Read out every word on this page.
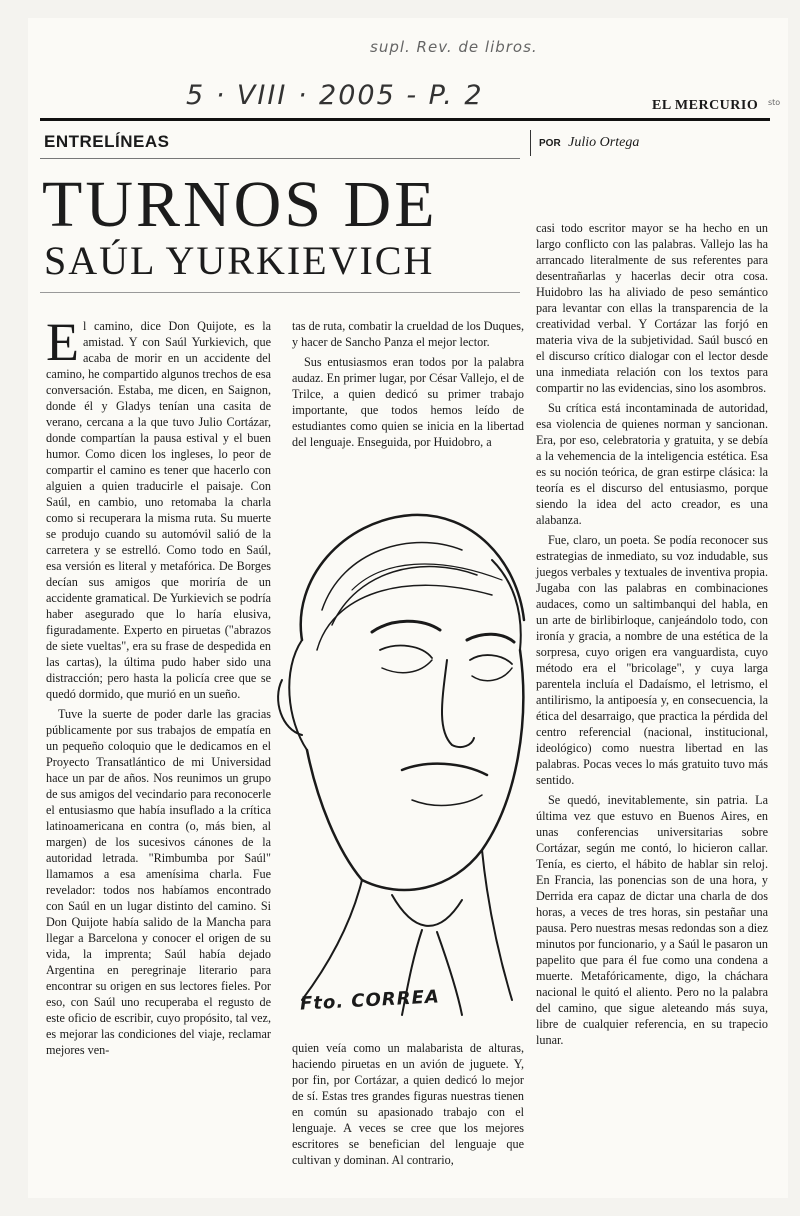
supl. Rev. de libros.
5 · VIII · 2005 - P. 2	EL MERCURIO sto
ENTRELÍNEAS	POR Julio Ortega
TURNOS DE
SAÚL YURKIEVICH

El camino, dice Don Quijote, es la amistad. Y con Saúl Yurkievich, que acaba de morir en un accidente del camino, he compartido algunos trechos de esa conversación. Estaba, me dicen, en Saignon, donde él y Gladys tenían una casita de verano, cercana a la que tuvo Julio Cortázar, donde compartían la pausa estival y el buen humor. Como dicen los ingleses, lo peor de compartir el camino es tener que hacerlo con alguien a quien traducirle el paisaje. Con Saúl, en cambio, uno retomaba la charla como si recuperara la misma ruta. Su muerte se produjo cuando su automóvil salió de la carretera y se estrelló. Como todo en Saúl, esa versión es literal y metafórica. De Borges decían sus amigos que moriría de un accidente gramatical. De Yurkievich se podría haber asegurado que lo haría elusiva, figuradamente. Experto en piruetas ("abrazos de siete vueltas", era su frase de despedida en las cartas), la última pudo haber sido una distracción; pero hasta la policía cree que se quedó dormido, que murió en un sueño.

Tuve la suerte de poder darle las gracias públicamente por sus trabajos de empatía en un pequeño coloquio que le dedicamos en el Proyecto Transatlántico de mi Universidad hace un par de años. Nos reunimos un grupo de sus amigos del vecindario para reconocerle el entusiasmo que había insuflado a la crítica latinoamericana en contra (o, más bien, al margen) de los sucesivos cánones de la autoridad letrada. "Rimbumba por Saúl" llamamos a esa amenísima charla. Fue revelador: todos nos habíamos encontrado con Saúl en un lugar distinto del camino. Si Don Quijote había salido de la Mancha para llegar a Barcelona y conocer el origen de su vida, la imprenta; Saúl había dejado Argentina en peregrinaje literario para encontrar su origen en sus lectores fieles. Por eso, con Saúl uno recuperaba el regusto de este oficio de escribir, cuyo propósito, tal vez, es mejorar las condiciones del viaje, reclamar mejores ven-

tas de ruta, combatir la crueldad de los Duques, y hacer de Sancho Panza el mejor lector.

Sus entusiasmos eran todos por la palabra audaz. En primer lugar, por César Vallejo, el de Trilce, a quien dedicó su primer trabajo importante, que todos hemos leído de estudiantes como quien se inicia en la libertad del lenguaje. Enseguida, por Huidobro, a

Fto. CORREA

quien veía como un malabarista de alturas, haciendo piruetas en un avión de juguete. Y, por fin, por Cortázar, a quien dedicó lo mejor de sí. Estas tres grandes figuras nuestras tienen en común su apasionado trabajo con el lenguaje. A veces se cree que los mejores escritores se benefician del lenguaje que cultivan y dominan. Al contrario,

casi todo escritor mayor se ha hecho en un largo conflicto con las palabras. Vallejo las ha arrancado literalmente de sus referentes para desentrañarlas y hacerlas decir otra cosa. Huidobro las ha aliviado de peso semántico para levantar con ellas la transparencia de la creatividad verbal. Y Cortázar las forjó en materia viva de la subjetividad. Saúl buscó en el discurso crítico dialogar con el lector desde una inmediata relación con los textos para compartir no las evidencias, sino los asombros.

Su crítica está incontaminada de autoridad, esa violencia de quienes norman y sancionan. Era, por eso, celebratoria y gratuita, y se debía a la vehemencia de la inteligencia estética. Esa es su noción teórica, de gran estirpe clásica: la teoría es el discurso del entusiasmo, porque siendo la idea del acto creador, es una alabanza.

Fue, claro, un poeta. Se podía reconocer sus estrategias de inmediato, su voz indudable, sus juegos verbales y textuales de inventiva propia. Jugaba con las palabras en combinaciones audaces, como un saltimbanqui del habla, en un arte de birlibirloque, canjeándolo todo, con ironía y gracia, a nombre de una estética de la sorpresa, cuyo origen era vanguardista, cuyo método era el "bricolage", y cuya larga parentela incluía el Dadaísmo, el letrismo, el antilirismo, la antipoesía y, en consecuencia, la ética del desarraigo, que practica la pérdida del centro referencial (nacional, institucional, ideológico) como nuestra libertad en las palabras. Pocas veces lo más gratuito tuvo más sentido.

Se quedó, inevitablemente, sin patria. La última vez que estuvo en Buenos Aires, en unas conferencias universitarias sobre Cortázar, según me contó, lo hicieron callar. Tenía, es cierto, el hábito de hablar sin reloj. En Francia, las ponencias son de una hora, y Derrida era capaz de dictar una charla de dos horas, a veces de tres horas, sin pestañar una pausa. Pero nuestras mesas redondas son a diez minutos por funcionario, y a Saúl le pasaron un papelito que para él fue como una condena a muerte. Metafóricamente, digo, la cháchara nacional le quitó el aliento. Pero no la palabra del camino, que sigue aleteando más suya, libre de cualquier referencia, en su trapecio lunar.
